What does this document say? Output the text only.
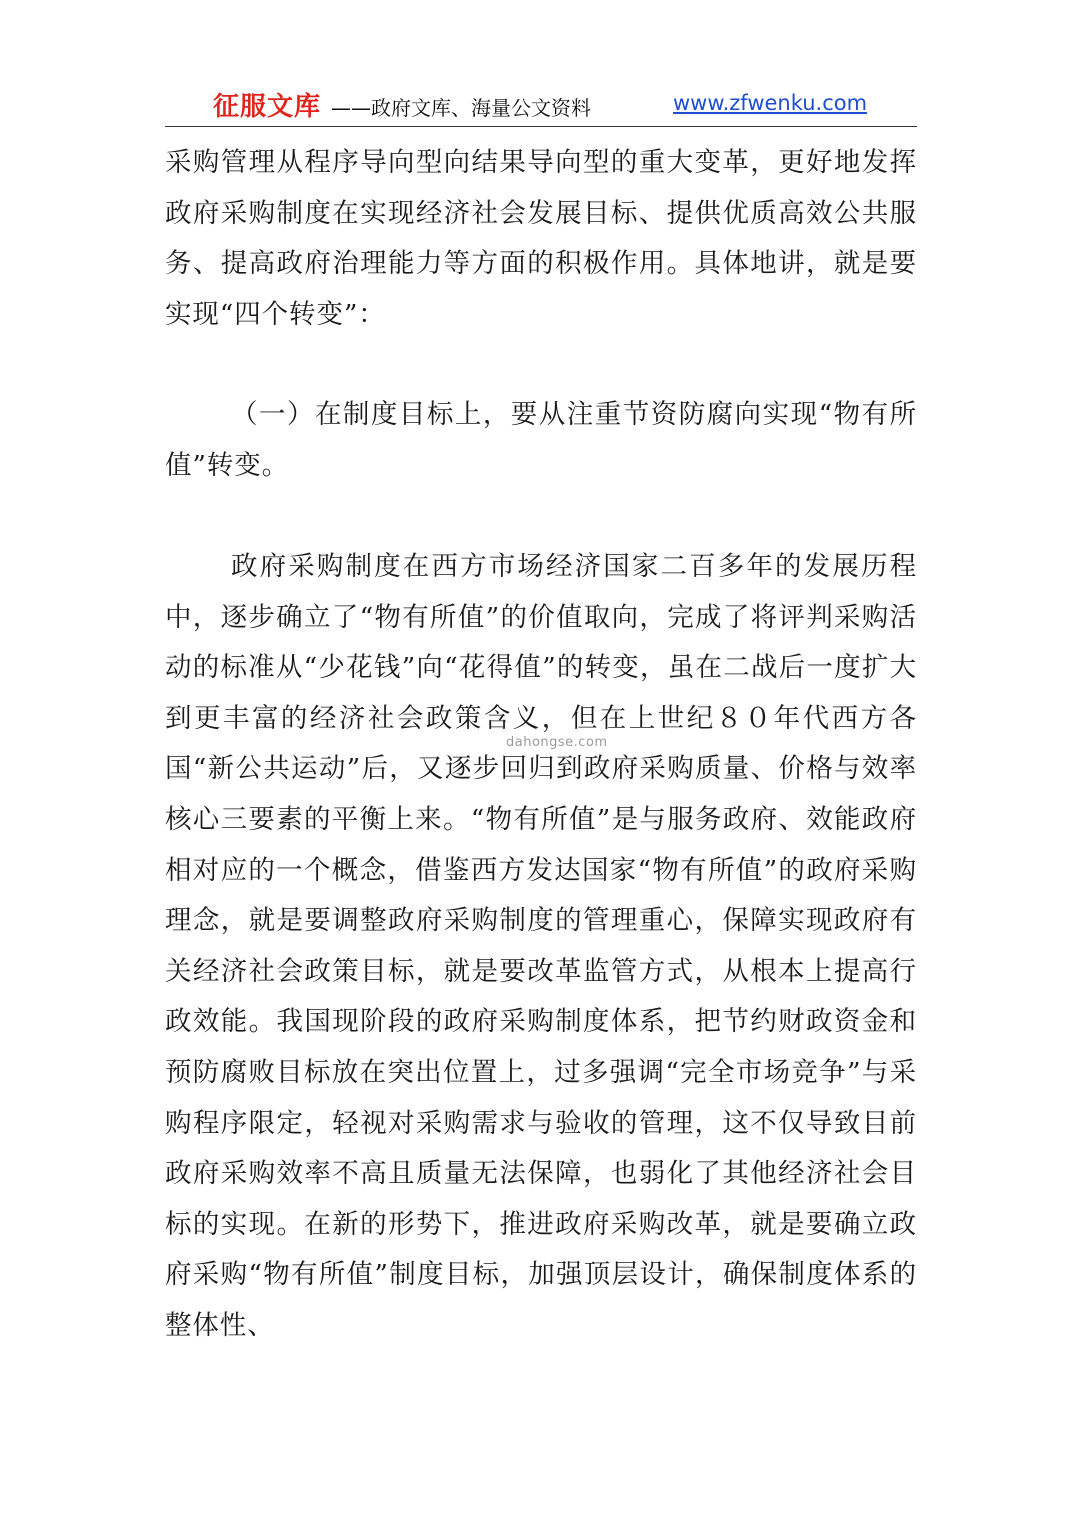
征服文库 ——政府文库、海量公文资料	www.zfwenku.com
采购管理从程序导向型向结果导向型的重大变革，更好地发挥政府采购制度在实现经济社会发展目标、提供优质高效公共服务、提高政府治理能力等方面的积极作用。具体地讲，就是要实现“四个转变”：
（一）在制度目标上，要从注重节资防腐向实现“物有所值”转变。
政府采购制度在西方市场经济国家二百多年的发展历程中，逐步确立了“物有所值”的价值取向，完成了将评判采购活动的标准从“少花钱”向“花得值”的转变，虽在二战后一度扩大到更丰富的经济社会政策含义，但在上世纪８０年代西方各国“新公共运动”后，又逐步回归到政府采购质量、价格与效率核心三要素的平衡上来。“物有所值”是与服务政府、效能政府相对应的一个概念，借鉴西方发达国家“物有所值”的政府采购理念，就是要调整政府采购制度的管理重心，保障实现政府有关经济社会政策目标，就是要改革监管方式，从根本上提高行政效能。我国现阶段的政府采购制度体系，把节约财政资金和预防腐败目标放在突出位置上，过多强调“完全市场竞争”与采购程序限定，轻视对采购需求与验收的管理，这不仅导致目前政府采购效率不高且质量无法保障，也弱化了其他经济社会目标的实现。在新的形势下，推进政府采购改革，就是要确立政府采购“物有所值”制度目标，加强顶层设计，确保制度体系的整体性、
dahongse.com
